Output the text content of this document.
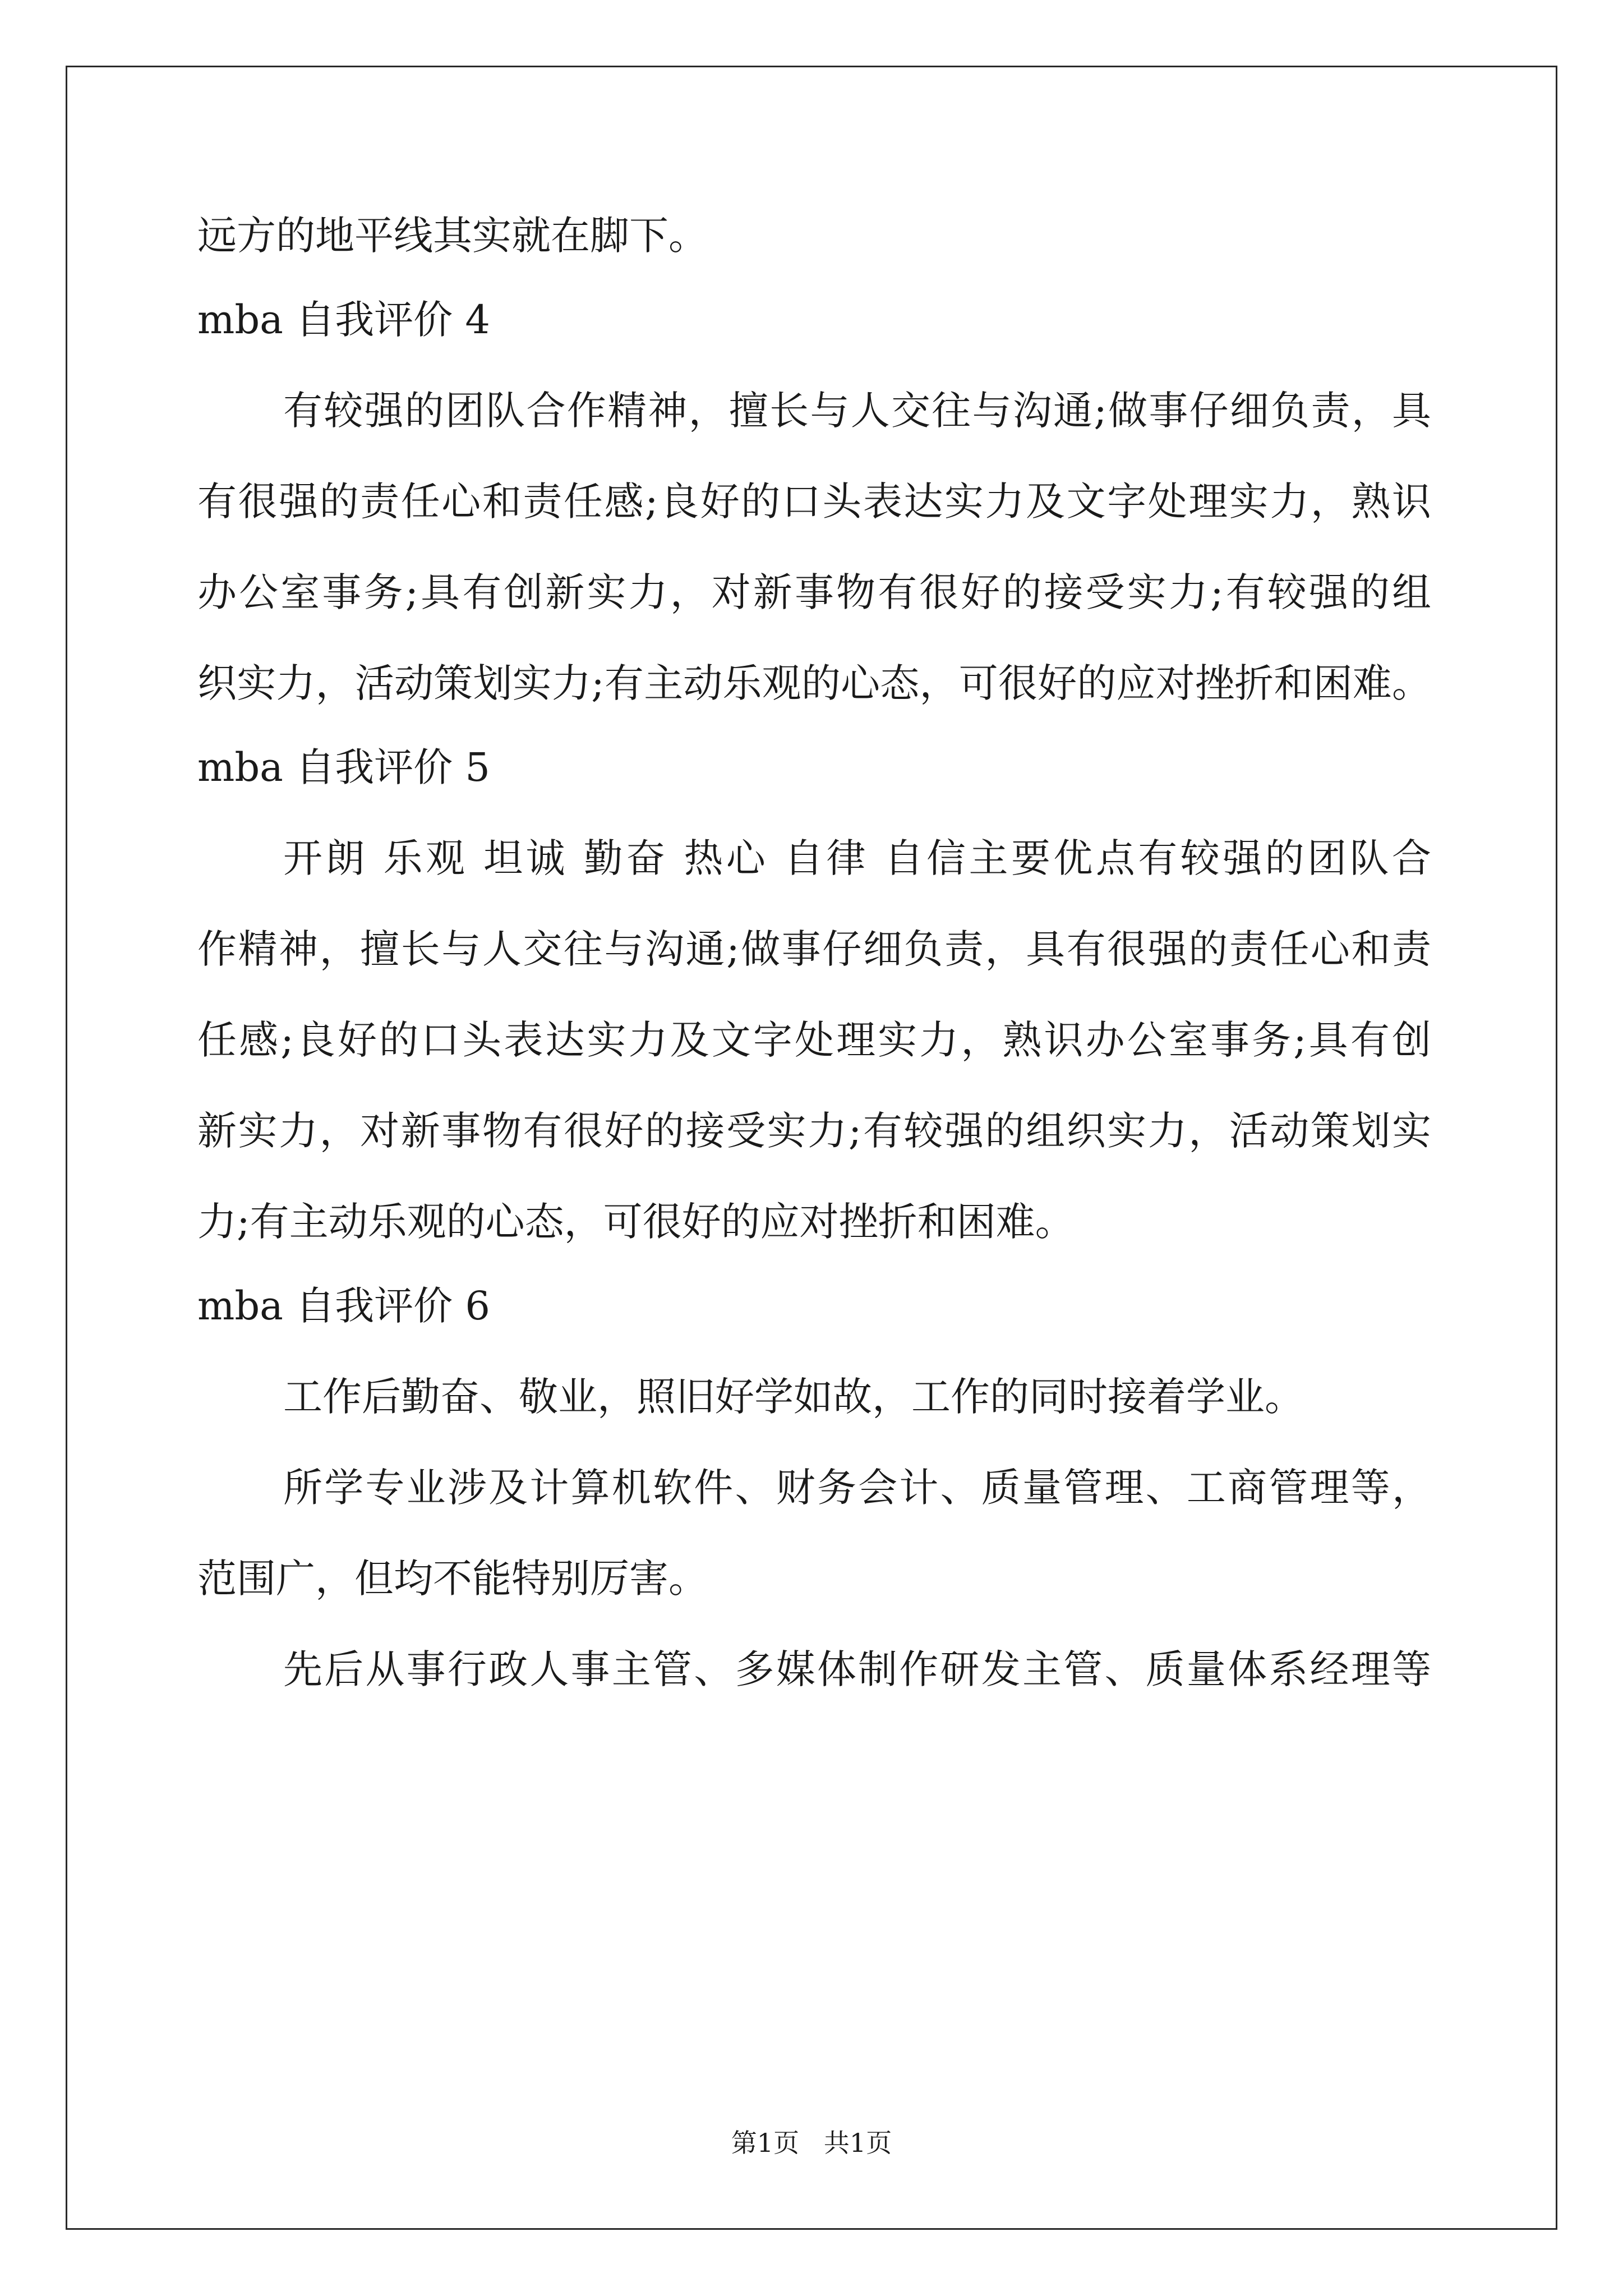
远方的地平线其实就在脚下。
mba 自我评价 4
有较强的团队合作精神，擅长与人交往与沟通;做事仔细负责，具
有很强的责任心和责任感;良好的口头表达实力及文字处理实力，熟识
办公室事务;具有创新实力，对新事物有很好的接受实力;有较强的组
织实力，活动策划实力;有主动乐观的心态，可很好的应对挫折和困难。
mba 自我评价 5
开朗 乐观 坦诚 勤奋 热心 自律 自信主要优点有较强的团队合
作精神，擅长与人交往与沟通;做事仔细负责，具有很强的责任心和责
任感;良好的口头表达实力及文字处理实力，熟识办公室事务;具有创
新实力，对新事物有很好的接受实力;有较强的组织实力，活动策划实
力;有主动乐观的心态，可很好的应对挫折和困难。
mba 自我评价 6
工作后勤奋、敬业，照旧好学如故，工作的同时接着学业。
所学专业涉及计算机软件、财务会计、质量管理、工商管理等，
范围广，但均不能特别厉害。
先后从事行政人事主管、多媒体制作研发主管、质量体系经理等
第1页   共1页
